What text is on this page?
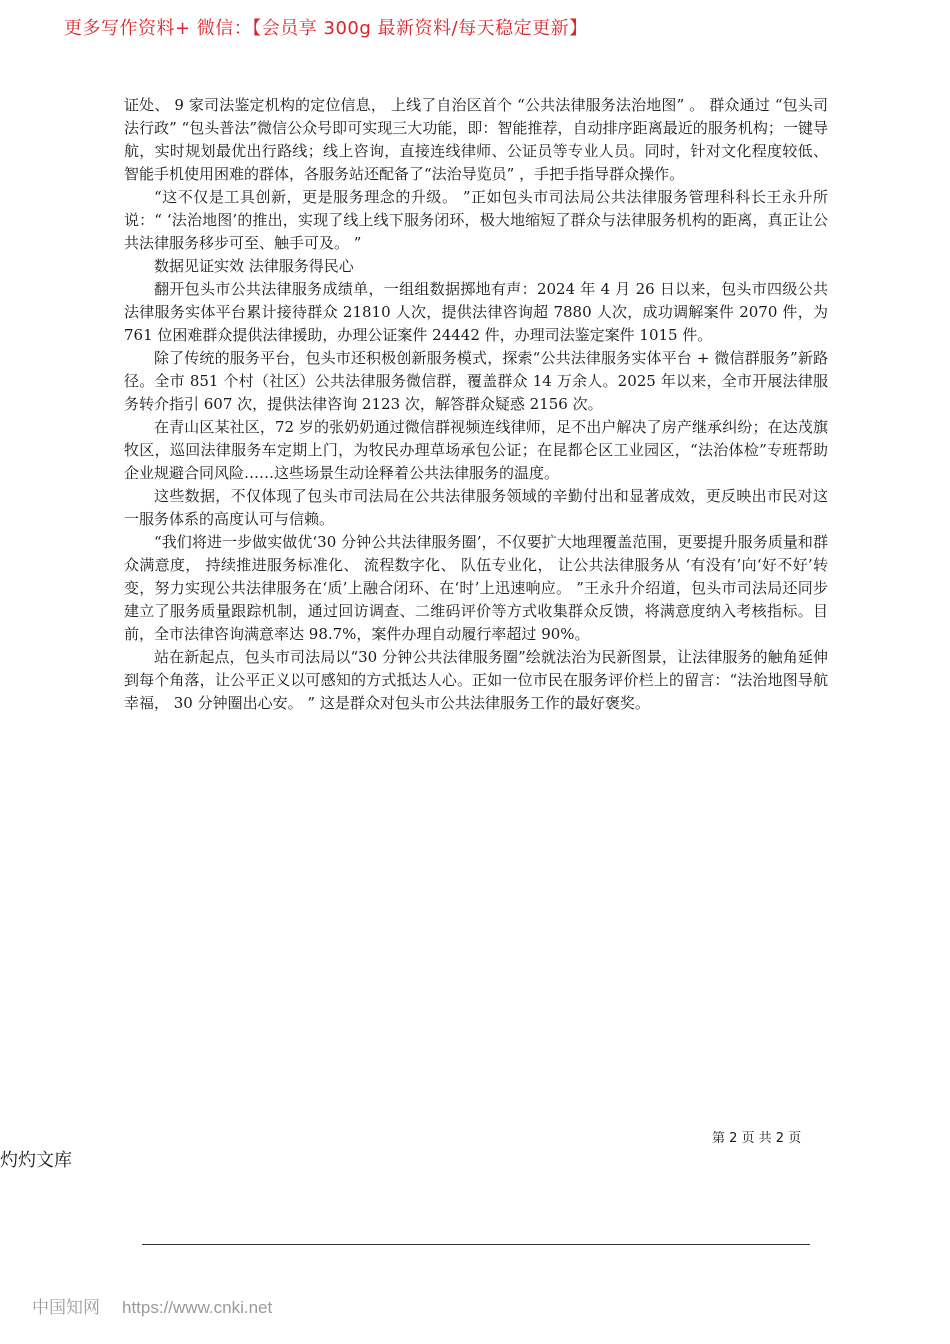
更多写作资料+ 微信：【会员享 300g 最新资料/每天稳定更新】

证处、 9 家司法鉴定机构的定位信息， 上线了自治区首个 “公共法律服务法治地图” 。 群众通过 “包头司法行政” “包头普法”微信公众号即可实现三大功能，即：智能推荐，自动排序距离最近的服务机构；一键导航，实时规划最优出行路线；线上咨询，直接连线律师、公证员等专业人员。同时，针对文化程度较低、智能手机使用困难的群体，各服务站还配备了“法治导览员” ，手把手指导群众操作。

“这不仅是工具创新，更是服务理念的升级。 ”正如包头市司法局公共法律服务管理科科长王永升所说：“ ‘法治地图’的推出，实现了线上线下服务闭环，极大地缩短了群众与法律服务机构的距离，真正让公共法律服务移步可至、触手可及。 ”

数据见证实效 法律服务得民心

翻开包头市公共法律服务成绩单，一组组数据掷地有声：2024 年 4 月 26 日以来，包头市四级公共法律服务实体平台累计接待群众 21810 人次，提供法律咨询超 7880 人次，成功调解案件 2070 件，为 761 位困难群众提供法律援助，办理公证案件 24442 件，办理司法鉴定案件 1015 件。

除了传统的服务平台，包头市还积极创新服务模式，探索“公共法律服务实体平台 + 微信群服务”新路径。全市 851 个村（社区）公共法律服务微信群，覆盖群众 14 万余人。2025 年以来，全市开展法律服务转介指引 607 次，提供法律咨询 2123 次，解答群众疑惑 2156 次。

在青山区某社区，72 岁的张奶奶通过微信群视频连线律师，足不出户解决了房产继承纠纷；在达茂旗牧区，巡回法律服务车定期上门，为牧民办理草场承包公证；在昆都仑区工业园区，“法治体检”专班帮助企业规避合同风险……这些场景生动诠释着公共法律服务的温度。

这些数据，不仅体现了包头市司法局在公共法律服务领域的辛勤付出和显著成效，更反映出市民对这一服务体系的高度认可与信赖。

“我们将进一步做实做优‘30 分钟公共法律服务圈’，不仅要扩大地理覆盖范围，更要提升服务质量和群众满意度， 持续推进服务标准化、 流程数字化、 队伍专业化， 让公共法律服务从 ‘有没有’向‘好不好’转变，努力实现公共法律服务在‘质’上融合闭环、在‘时’上迅速响应。 ”王永升介绍道，包头市司法局还同步建立了服务质量跟踪机制，通过回访调查、二维码评价等方式收集群众反馈，将满意度纳入考核指标。目前，全市法律咨询满意率达 98.7%，案件办理自动履行率超过 90%。

站在新起点，包头市司法局以“30 分钟公共法律服务圈”绘就法治为民新图景，让法律服务的触角延伸到每个角落，让公平正义以可感知的方式抵达人心。正如一位市民在服务评价栏上的留言：“法治地图导航幸福， 30 分钟圈出心安。 ” 这是群众对包头市公共法律服务工作的最好褒奖。

第 2 页 共 2 页
灼灼文库
中国知网 https://www.cnki.net
